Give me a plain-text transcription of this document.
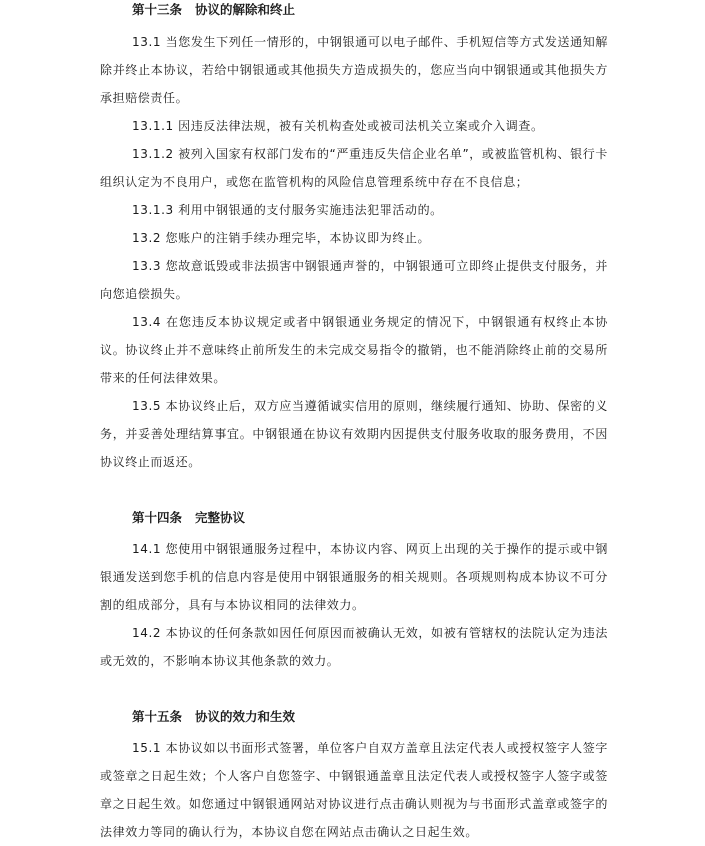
第十三条   协议的解除和终止

13.1 当您发生下列任一情形的，中钢银通可以电子邮件、手机短信等方式发送通知解除并终止本协议，若给中钢银通或其他损失方造成损失的，您应当向中钢银通或其他损失方承担赔偿责任。

13.1.1 因违反法律法规，被有关机构查处或被司法机关立案或介入调查。

13.1.2 被列入国家有权部门发布的“严重违反失信企业名单”，或被监管机构、银行卡组织认定为不良用户，或您在监管机构的风险信息管理系统中存在不良信息；

13.1.3 利用中钢银通的支付服务实施违法犯罪活动的。

13.2 您账户的注销手续办理完毕，本协议即为终止。

13.3 您故意诋毁或非法损害中钢银通声誉的，中钢银通可立即终止提供支付服务，并向您追偿损失。

13.4 在您违反本协议规定或者中钢银通业务规定的情况下，中钢银通有权终止本协议。协议终止并不意味终止前所发生的未完成交易指令的撤销，也不能消除终止前的交易所带来的任何法律效果。

13.5 本协议终止后，双方应当遵循诚实信用的原则，继续履行通知、协助、保密的义务，并妥善处理结算事宜。中钢银通在协议有效期内因提供支付服务收取的服务费用，不因协议终止而返还。

第十四条   完整协议

14.1 您使用中钢银通服务过程中，本协议内容、网页上出现的关于操作的提示或中钢银通发送到您手机的信息内容是使用中钢银通服务的相关规则。各项规则构成本协议不可分割的组成部分，具有与本协议相同的法律效力。

14.2 本协议的任何条款如因任何原因而被确认无效，如被有管辖权的法院认定为违法或无效的，不影响本协议其他条款的效力。

第十五条   协议的效力和生效

15.1 本协议如以书面形式签署，单位客户自双方盖章且法定代表人或授权签字人签字或签章之日起生效；个人客户自您签字、中钢银通盖章且法定代表人或授权签字人签字或签章之日起生效。如您通过中钢银通网站对协议进行点击确认则视为与书面形式盖章或签字的法律效力等同的确认行为，本协议自您在网站点击确认之日起生效。
